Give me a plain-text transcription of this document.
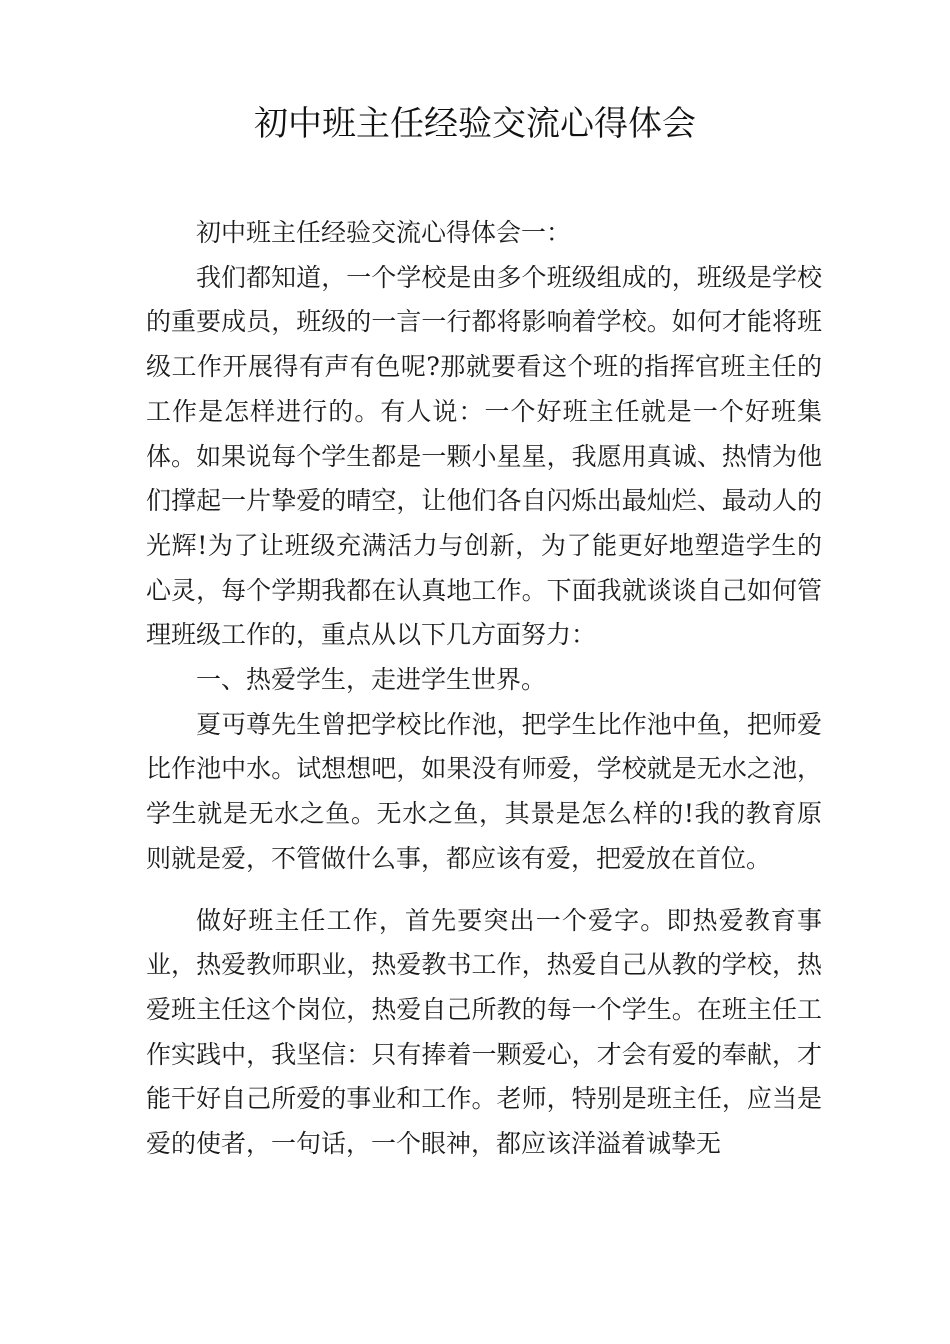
初中班主任经验交流心得体会

初中班主任经验交流心得体会一：

我们都知道，一个学校是由多个班级组成的，班级是学校的重要成员，班级的一言一行都将影响着学校。如何才能将班级工作开展得有声有色呢?那就要看这个班的指挥官班主任的工作是怎样进行的。有人说：一个好班主任就是一个好班集体。如果说每个学生都是一颗小星星，我愿用真诚、热情为他们撑起一片挚爱的晴空，让他们各自闪烁出最灿烂、最动人的光辉!为了让班级充满活力与创新，为了能更好地塑造学生的心灵，每个学期我都在认真地工作。下面我就谈谈自己如何管理班级工作的，重点从以下几方面努力：

一、热爱学生，走进学生世界。

夏丏尊先生曾把学校比作池，把学生比作池中鱼，把师爱比作池中水。试想想吧，如果没有师爱，学校就是无水之池，学生就是无水之鱼。无水之鱼，其景是怎么样的!我的教育原则就是爱，不管做什么事，都应该有爱，把爱放在首位。

做好班主任工作，首先要突出一个爱字。即热爱教育事业，热爱教师职业，热爱教书工作，热爱自己从教的学校，热爱班主任这个岗位，热爱自己所教的每一个学生。在班主任工作实践中，我坚信：只有捧着一颗爱心，才会有爱的奉献，才能干好自己所爱的事业和工作。老师，特别是班主任，应当是爱的使者，一句话，一个眼神，都应该洋溢着诚挚无
